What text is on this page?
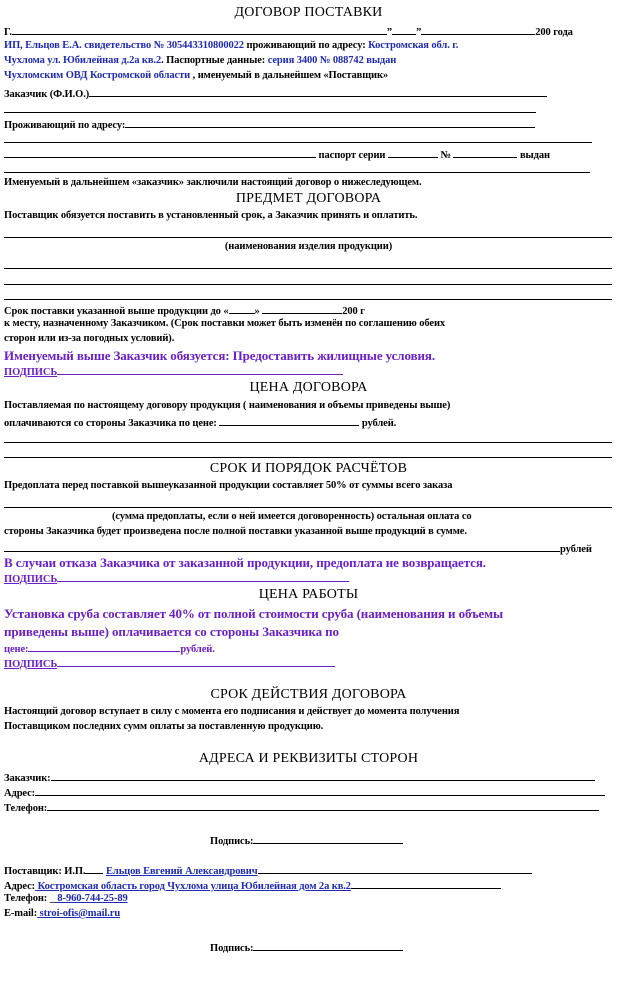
ДОГОВОР ПОСТАВКИ
Г.	” ”	200 года
ИП, Ельцов Е.А. свидетельство № 305443310800022 проживающий по адресу: Костромская обл. г.
Чухлома ул. Юбилейная д.2а кв.2. Паспортные данные: серия 3400 № 088742 выдан
Чухломским ОВД Костромской области , именуемый в дальнейшем «Поставщик»
Заказчик (Ф.И.О.)
Проживающий по адресу:
паспорт серии	№	выдан
Именуемый в дальнейшем «заказчик» заключили настоящий договор о нижеследующем.
ПРЕДМЕТ ДОГОВОРА
Поставщик обязуется поставить в установленный срок, а Заказчик принять и оплатить.
(наименования изделия продукции)
Срок поставки указанной выше продукции до « »	200 г
к месту, назначенному Заказчиком. (Срок поставки может быть изменён по соглашению обеих
сторон или из-за погодных условий).
Именуемый выше Заказчик обязуется: Предоставить жилищные условия.
ПОДПИСЬ
ЦЕНА ДОГОВОРА
Поставляемая по настоящему договору продукция ( наименования и объемы приведены выше)
оплачиваются со стороны Заказчика по цене:	рублей.
СРОК И ПОРЯДОК РАСЧЁТОВ
Предоплата перед поставкой вышеуказанной продукции составляет 50% от суммы всего заказа
(сумма предоплаты, если о ней имеется договоренность) остальная оплата со
стороны Заказчика будет произведена после полной поставки указанной выше продукций в сумме.
рублей
В случаи отказа Заказчика от заказанной продукции, предоплата не возвращается.
ПОДПИСЬ
ЦЕНА РАБОТЫ
Установка сруба составляет 40% от полной стоимости сруба (наименования и объемы
приведены выше) оплачивается со стороны Заказчика по
цене:	рублей.
ПОДПИСЬ
СРОК ДЕЙСТВИЯ ДОГОВОРА
Настоящий договор вступает в силу с момента его подписания и действует до момента получения
Поставщиком последних сумм оплаты за поставленную продукцию.
АДРЕСА И РЕКВИЗИТЫ СТОРОН
Заказчик:
Адрес:
Телефон:
Подпись:
Поставщик: И.П. Ельцов Евгений Александрович
Адрес: Костромская область город Чухлома улица Юбилейная дом 2а кв.2
Телефон: _ 8-960-744-25-89
E-mail: stroi-ofis@mail.ru
Подпись:
